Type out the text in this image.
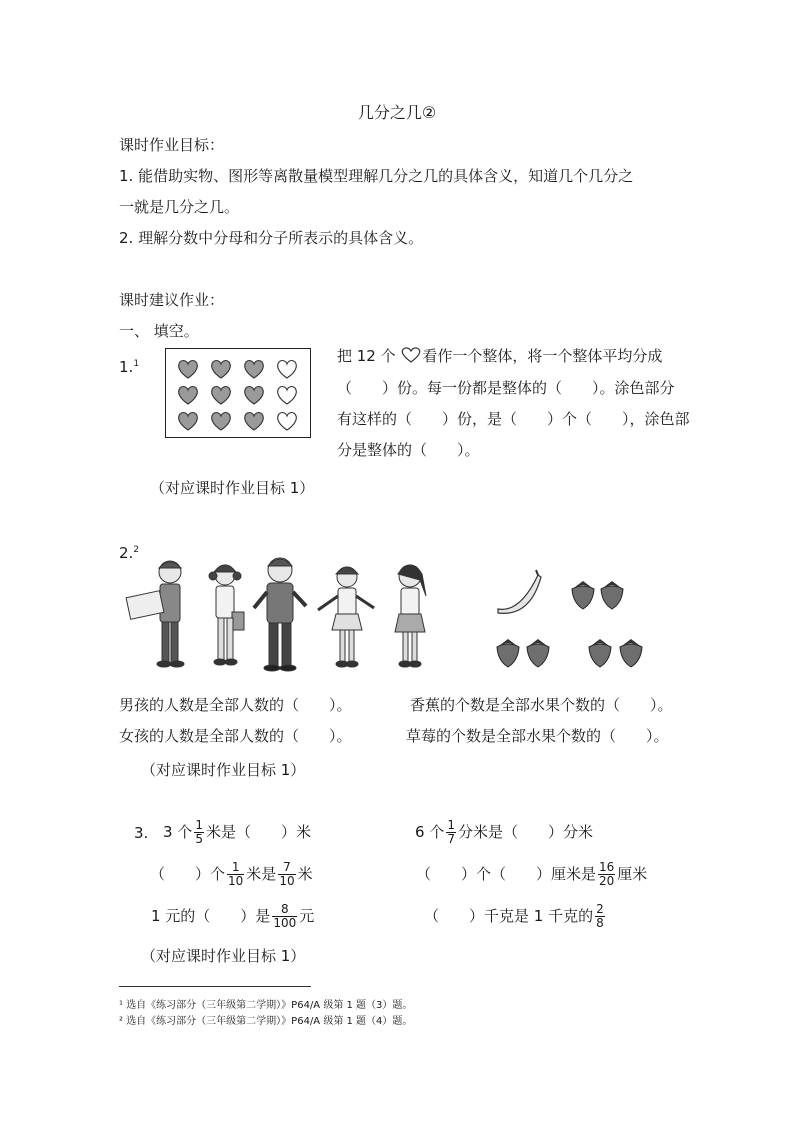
几分之几②
课时作业目标：
1. 能借助实物、图形等离散量模型理解几分之几的具体含义，知道几个几分之
一就是几分之几。
2. 理解分数中分母和分子所表示的具体含义。
课时建议作业：
一、 填空。
1.$^1$	把 12 个 看作一个整体，将一个整体平均分成
（　　）份。每一份都是整体的（　　）。涂色部分
有这样的（　　）份，是（　　）个（　　），涂色部
分是整体的（　　）。
（对应课时作业目标 1）
2.$^2$
男孩的人数是全部人数的（　　）。	香蕉的个数是全部水果个数的（　　）。
女孩的人数是全部人数的（　　）。	草莓的个数是全部水果个数的（　　）。
（对应课时作业目标 1）
3. 3 个 $\frac{1}{5}$ 米是（　　）米	6 个 $\frac{1}{7}$ 分米是（　　）分米
（　　）个 $\frac{1}{10}$ 米是 $\frac{7}{10}$ 米	（　　）个（　　）厘米是 $\frac{16}{20}$ 厘米
1 元的（　　）是 $\frac{8}{100}$ 元	（　　）千克是 1 千克的 $\frac{2}{8}$
（对应课时作业目标 1）
¹ 选自《练习部分（三年级第二学期）》P64/A 级第 1 题（3）题。
² 选自《练习部分（三年级第二学期）》P64/A 级第 1 题（4）题。
